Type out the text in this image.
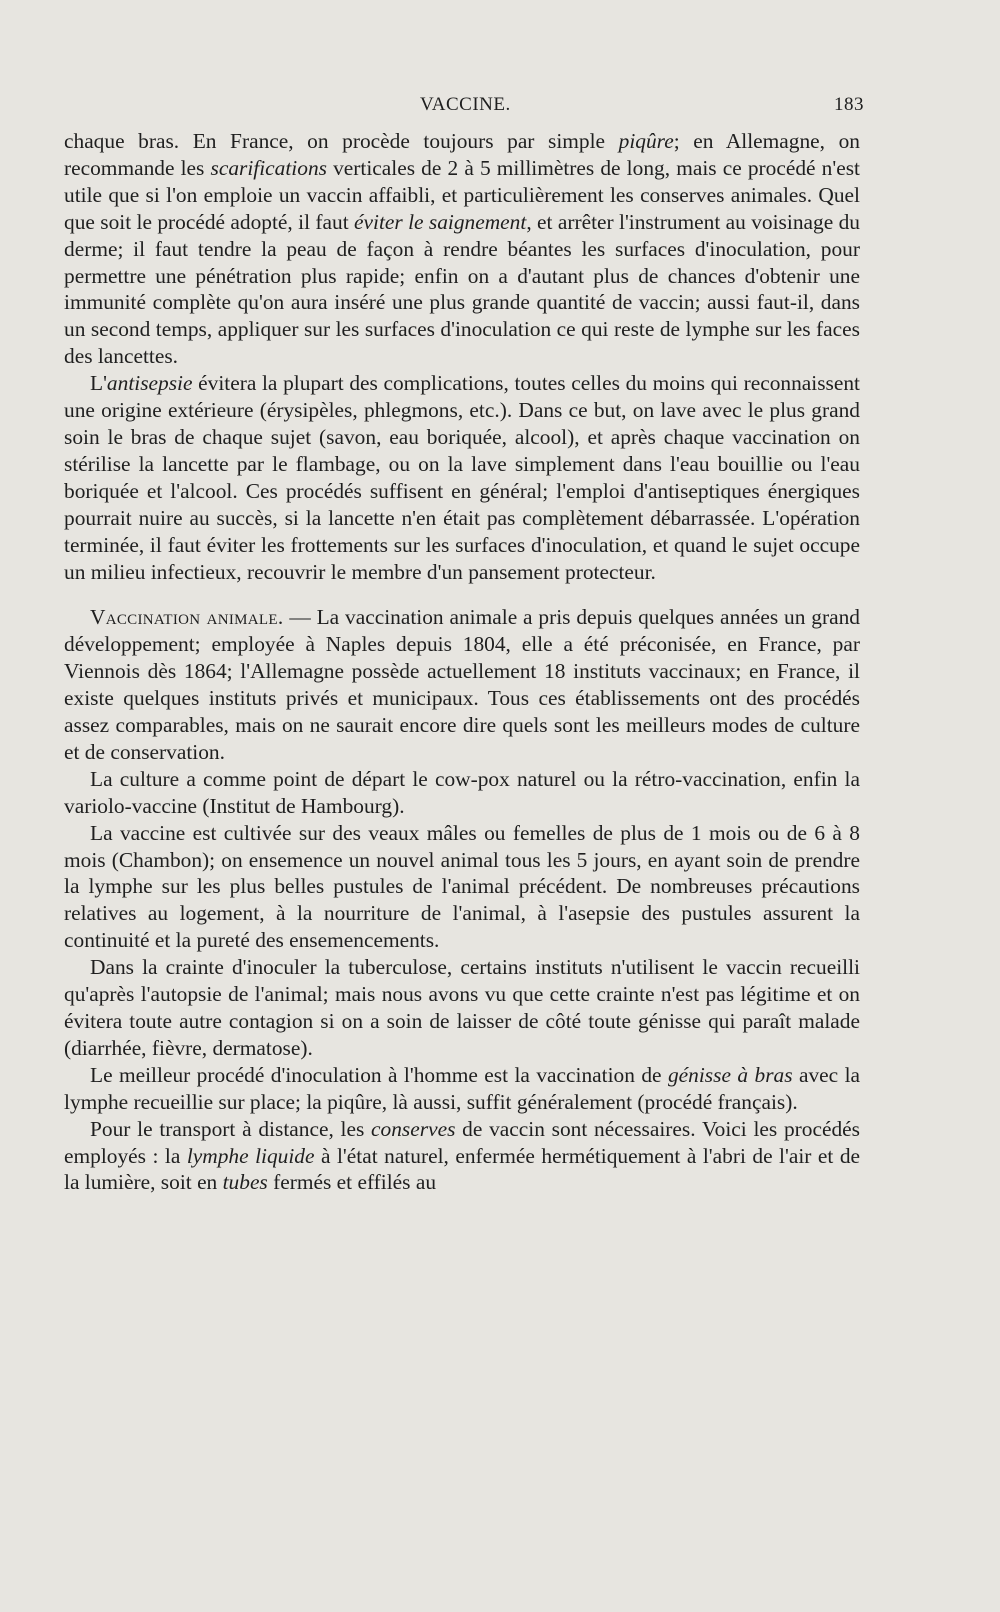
VACCINE.	183

chaque bras. En France, on procède toujours par simple piqûre; en Allemagne, on recommande les scarifications verticales de 2 à 5 millimètres de long, mais ce procédé n'est utile que si l'on emploie un vaccin affaibli, et particulièrement les conserves animales. Quel que soit le procédé adopté, il faut éviter le saignement, et arrêter l'instrument au voisinage du derme; il faut tendre la peau de façon à rendre béantes les surfaces d'inoculation, pour permettre une pénétration plus rapide; enfin on a d'autant plus de chances d'obtenir une immunité complète qu'on aura inséré une plus grande quantité de vaccin; aussi faut-il, dans un second temps, appliquer sur les surfaces d'inoculation ce qui reste de lymphe sur les faces des lancettes.

L'antisepsie évitera la plupart des complications, toutes celles du moins qui reconnaissent une origine extérieure (érysipèles, phlegmons, etc.). Dans ce but, on lave avec le plus grand soin le bras de chaque sujet (savon, eau boriquée, alcool), et après chaque vaccination on stérilise la lancette par le flambage, ou on la lave simplement dans l'eau bouillie ou l'eau boriquée et l'alcool. Ces procédés suffisent en général; l'emploi d'antiseptiques énergiques pourrait nuire au succès, si la lancette n'en était pas complètement débarrassée. L'opération terminée, il faut éviter les frottements sur les surfaces d'inoculation, et quand le sujet occupe un milieu infectieux, recouvrir le membre d'un pansement protecteur.

Vaccination animale. — La vaccination animale a pris depuis quelques années un grand développement; employée à Naples depuis 1804, elle a été préconisée, en France, par Viennois dès 1864; l'Allemagne possède actuellement 18 instituts vaccinaux; en France, il existe quelques instituts privés et municipaux. Tous ces établissements ont des procédés assez comparables, mais on ne saurait encore dire quels sont les meilleurs modes de culture et de conservation.

La culture a comme point de départ le cow-pox naturel ou la rétro-vaccination, enfin la variolo-vaccine (Institut de Hambourg).

La vaccine est cultivée sur des veaux mâles ou femelles de plus de 1 mois ou de 6 à 8 mois (Chambon); on ensemence un nouvel animal tous les 5 jours, en ayant soin de prendre la lymphe sur les plus belles pustules de l'animal précédent. De nombreuses précautions relatives au logement, à la nourriture de l'animal, à l'asepsie des pustules assurent la continuité et la pureté des ensemencements.

Dans la crainte d'inoculer la tuberculose, certains instituts n'utilisent le vaccin recueilli qu'après l'autopsie de l'animal; mais nous avons vu que cette crainte n'est pas légitime et on évitera toute autre contagion si on a soin de laisser de côté toute génisse qui paraît malade (diarrhée, fièvre, dermatose).

Le meilleur procédé d'inoculation à l'homme est la vaccination de génisse à bras avec la lymphe recueillie sur place; la piqûre, là aussi, suffit généralement (procédé français).

Pour le transport à distance, les conserves de vaccin sont nécessaires. Voici les procédés employés : la lymphe liquide à l'état naturel, enfermée hermétiquement à l'abri de l'air et de la lumière, soit en tubes fermés et effilés au
